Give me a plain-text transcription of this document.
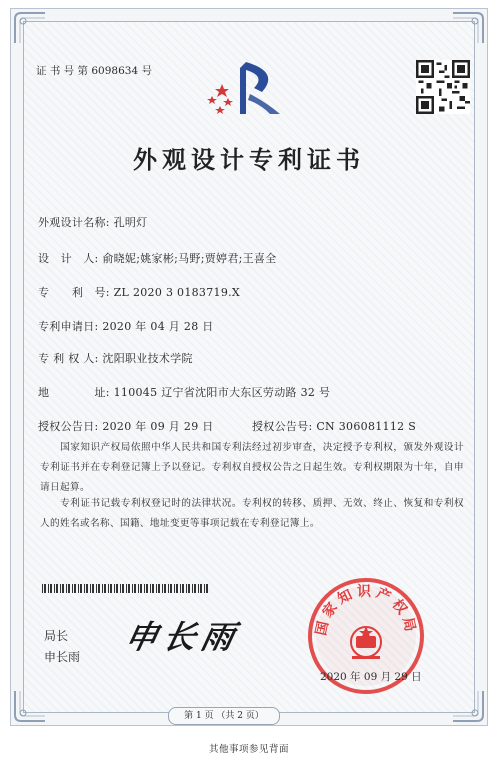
证 书 号 第 6098634 号
外观设计专利证书
外观设计名称: 孔明灯
设　计　人: 俞晓妮;姚家彬;马野;贾婷君;王喜全
专　　利　号: ZL 2020 3 0183719.X
专利申请日: 2020 年 04 月 28 日
专 利 权 人: 沈阳职业技术学院
地　　　　址: 110045 辽宁省沈阳市大东区劳动路 32 号
授权公告日: 2020 年 09 月 29 日	授权公告号: CN 306081112 S
　　国家知识产权局依照中华人民共和国专利法经过初步审查，决定授予专利权，颁发外观设计专利证书并在专利登记簿上予以登记。专利权自授权公告之日起生效。专利权期限为十年，自申请日起算。
　　专利证书记载专利权登记时的法律状况。专利权的转移、质押、无效、终止、恢复和专利权人的姓名或名称、国籍、地址变更等事项记载在专利登记簿上。
局长
申长雨
申长雨	国家知识产权局
2020 年 09 月 29 日
第 1 页 （共 2 页）
其他事项参见背面
